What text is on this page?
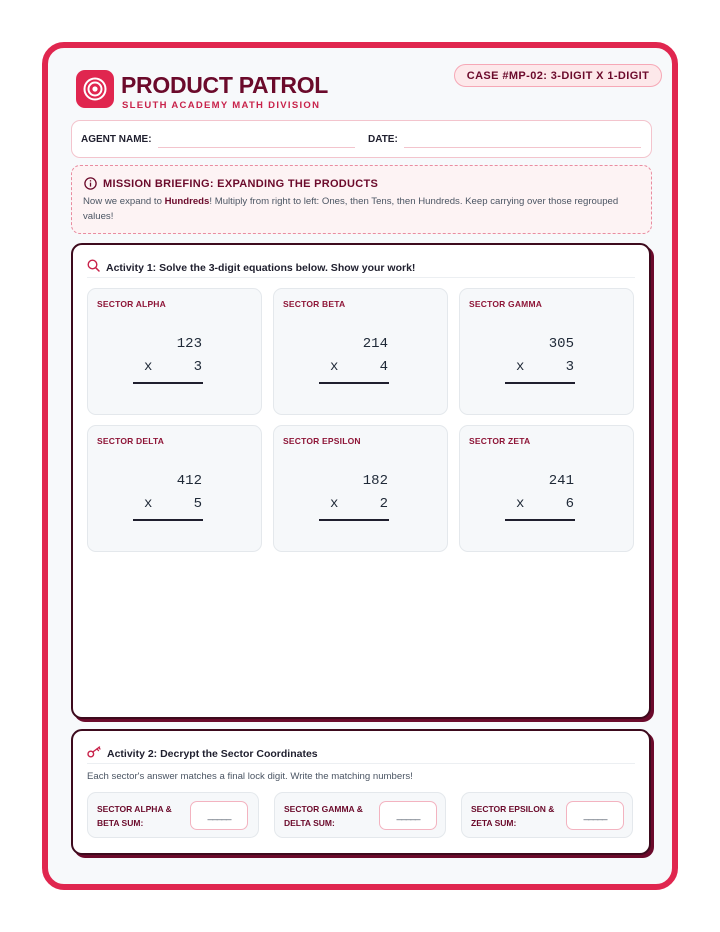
PRODUCT PATROL
SLEUTH ACADEMY MATH DIVISION
CASE #MP-02: 3-DIGIT X 1-DIGIT
AGENT NAME:	DATE:
MISSION BRIEFING: EXPANDING THE PRODUCTS
Now we expand to Hundreds! Multiply from right to left: Ones, then Tens, then Hundreds. Keep carrying over those regrouped values!
Activity 1: Solve the 3-digit equations below. Show your work!
SECTOR ALPHA
123
x	3
SECTOR BETA
214
x	4
SECTOR GAMMA
305
x	3
SECTOR DELTA
412
x	5
SECTOR EPSILON
182
x	2
SECTOR ZETA
241
x	6
Activity 2: Decrypt the Sector Coordinates
Each sector's answer matches a final lock digit. Write the matching numbers!
SECTOR ALPHA &
BETA SUM:
_____
SECTOR GAMMA &
DELTA SUM:
_____
SECTOR EPSILON &
ZETA SUM:
_____
